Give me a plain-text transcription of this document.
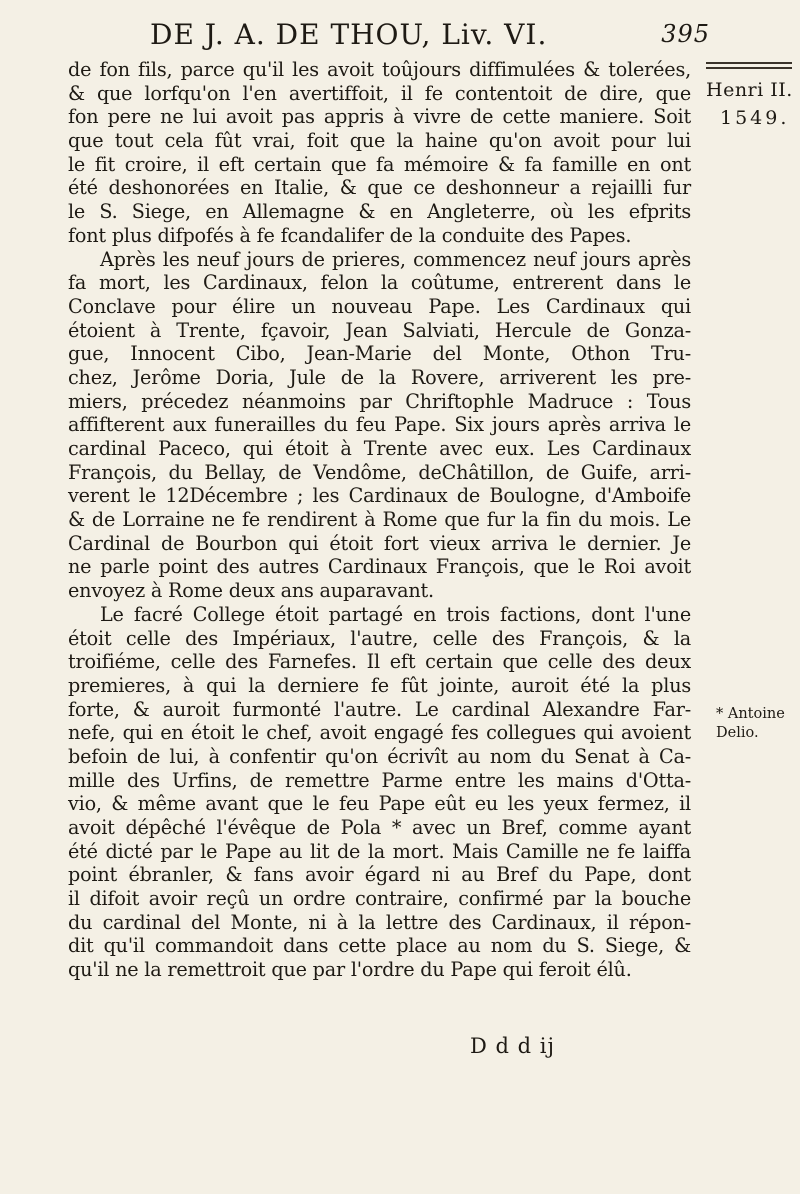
DE J. A. DE THOU, Liv. VI.	395
Henri II.
1549.
de fon fils, parce qu'il les avoit toûjours diffimulées & tolerées,
& que lorfqu'on l'en avertiffoit, il fe contentoit de dire, que
fon pere ne lui avoit pas appris à vivre de cette maniere. Soit
que tout cela fût vrai, foit que la haine qu'on avoit pour lui
le fit croire, il eft certain que fa mémoire & fa famille en ont
été deshonorées en Italie, & que ce deshonneur a rejailli fur
le S. Siege, en Allemagne & en Angleterre, où les efprits
font plus difpofés à fe fcandalifer de la conduite des Papes.
Après les neuf jours de prieres, commencez neuf jours après
fa mort, les Cardinaux, felon la coûtume, entrerent dans le
Conclave pour élire un nouveau Pape. Les Cardinaux qui
étoient à Trente, fçavoir, Jean Salviati, Hercule de Gonza-
gue, Innocent Cibo, Jean-Marie del Monte, Othon Tru-
chez, Jerôme Doria, Jule de la Rovere, arriverent les pre-
miers, précedez néanmoins par Chriftophle Madruce : Tous
affifterent aux funerailles du feu Pape. Six jours après arriva le
cardinal Paceco, qui étoit à Trente avec eux. Les Cardinaux
François, du Bellay, de Vendôme, deChâtillon, de Guife, arri-
verent le 12Décembre ; les Cardinaux de Boulogne, d'Amboife
& de Lorraine ne fe rendirent à Rome que fur la fin du mois. Le
Cardinal de Bourbon qui étoit fort vieux arriva le dernier. Je
ne parle point des autres Cardinaux François, que le Roi avoit
envoyez à Rome deux ans auparavant.
Le facré College étoit partagé en trois factions, dont l'une
étoit celle des Impériaux, l'autre, celle des François, & la
troifiéme, celle des Farnefes. Il eft certain que celle des deux
premieres, à qui la derniere fe fût jointe, auroit été la plus
forte, & auroit furmonté l'autre. Le cardinal Alexandre Far-
nefe, qui en étoit le chef, avoit engagé fes collegues qui avoient
befoin de lui, à confentir qu'on écrivît au nom du Senat à Ca-
mille des Urfins, de remettre Parme entre les mains d'Otta-
vio, & même avant que le feu Pape eût eu les yeux fermez, il
avoit dépêché l'évêque de Pola * avec un Bref, comme ayant
été dicté par le Pape au lit de la mort. Mais Camille ne fe laiffa
point ébranler, & fans avoir égard ni au Bref du Pape, dont
il difoit avoir reçû un ordre contraire, confirmé par la bouche
du cardinal del Monte, ni à la lettre des Cardinaux, il répon-
dit qu'il commandoit dans cette place au nom du S. Siege, &
qu'il ne la remettroit que par l'ordre du Pape qui feroit élû.
* Antoine
Delio.
D d d ij
